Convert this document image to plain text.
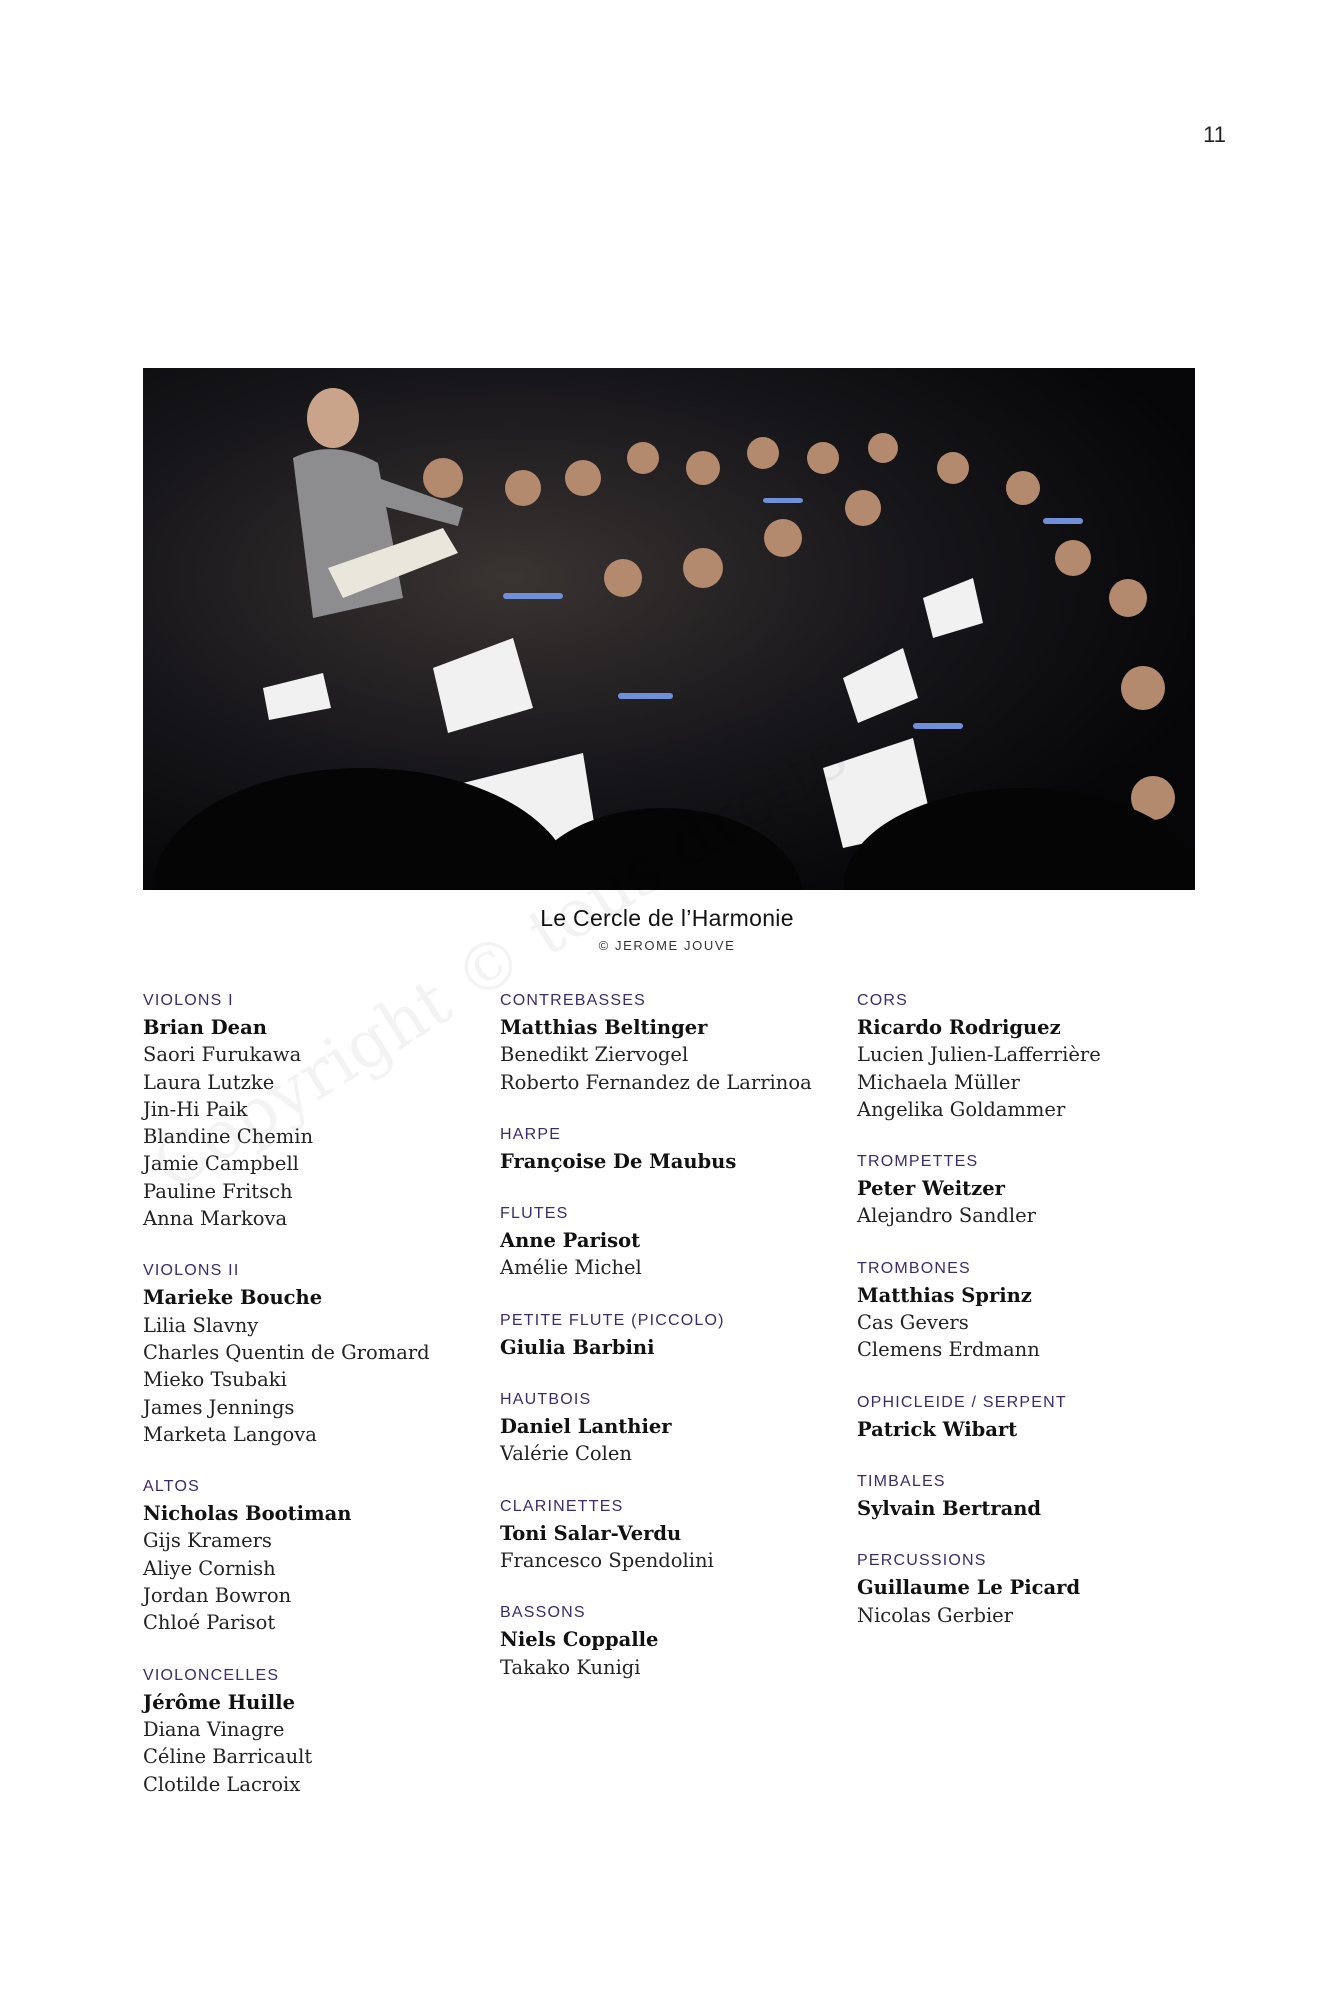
11
Le Cercle de l’Harmonie
© JEROME JOUVE
VIOLONS I
Brian Dean
Saori Furukawa
Laura Lutzke
Jin-Hi Paik
Blandine Chemin
Jamie Campbell
Pauline Fritsch
Anna Markova
VIOLONS II
Marieke Bouche
Lilia Slavny
Charles Quentin de Gromard
Mieko Tsubaki
James Jennings
Marketa Langova
ALTOS
Nicholas Bootiman
Gijs Kramers
Aliye Cornish
Jordan Bowron
Chloé Parisot
VIOLONCELLES
Jérôme Huille
Diana Vinagre
Céline Barricault
Clotilde Lacroix
CONTREBASSES
Matthias Beltinger
Benedikt Ziervogel
Roberto Fernandez de Larrinoa
HARPE
Françoise De Maubus
FLUTES
Anne Parisot
Amélie Michel
PETITE FLUTE (PICCOLO)
Giulia Barbini
HAUTBOIS
Daniel Lanthier
Valérie Colen
CLARINETTES
Toni Salar-Verdu
Francesco Spendolini
BASSONS
Niels Coppalle
Takako Kunigi
CORS
Ricardo Rodriguez
Lucien Julien-Lafferrière
Michaela Müller
Angelika Goldammer
TROMPETTES
Peter Weitzer
Alejandro Sandler
TROMBONES
Matthias Sprinz
Cas Gevers
Clemens Erdmann
OPHICLEIDE / SERPENT
Patrick Wibart
TIMBALES
Sylvain Bertrand
PERCUSSIONS
Guillaume Le Picard
Nicolas Gerbier
